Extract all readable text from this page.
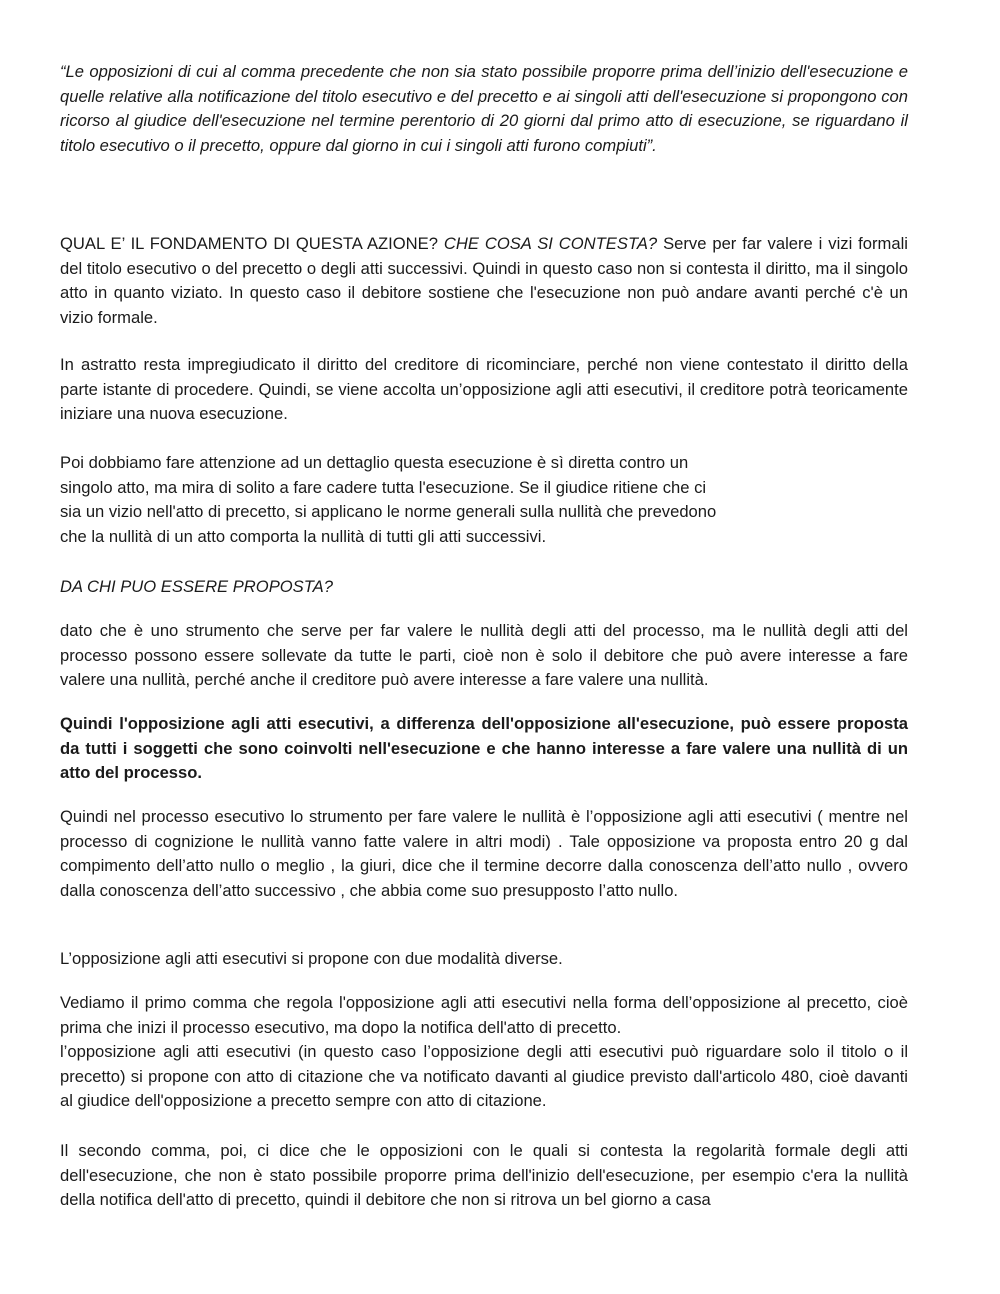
“Le opposizioni di cui al comma precedente che non sia stato possibile proporre prima dell’inizio dell'esecuzione e quelle relative alla notificazione del titolo esecutivo e del precetto e ai singoli atti dell'esecuzione si propongono con ricorso al giudice dell'esecuzione nel termine perentorio di 20 giorni dal primo atto di esecuzione, se riguardano il titolo esecutivo o il precetto, oppure dal giorno in cui i singoli atti furono compiuti”.

QUAL E’ IL FONDAMENTO DI QUESTA AZIONE? CHE COSA SI CONTESTA? Serve per far valere i vizi formali del titolo esecutivo o del precetto o degli atti successivi. Quindi in questo caso non si contesta il diritto, ma il singolo atto in quanto viziato. In questo caso il debitore sostiene che l'esecuzione non può andare avanti perché c'è un vizio formale.

In astratto resta impregiudicato il diritto del creditore di ricominciare, perché non viene contestato il diritto della parte istante di procedere. Quindi, se viene accolta un’opposizione agli atti esecutivi, il creditore potrà teoricamente iniziare una nuova esecuzione.

Poi dobbiamo fare attenzione ad un dettaglio questa esecuzione è sì diretta contro un
singolo atto, ma mira di solito a fare cadere tutta l'esecuzione. Se il giudice ritiene che ci
sia un vizio nell'atto di precetto, si applicano le norme generali sulla nullità che prevedono
che la nullità di un atto comporta la nullità di tutti gli atti successivi.

DA CHI PUO ESSERE PROPOSTA?

dato che è uno strumento che serve per far valere le nullità degli atti del processo, ma le nullità degli atti del processo possono essere sollevate da tutte le parti, cioè non è solo il debitore che può avere interesse a fare valere una nullità, perché anche il creditore può avere interesse a fare valere una nullità.

Quindi l'opposizione agli atti esecutivi, a differenza dell'opposizione all'esecuzione, può essere proposta da tutti i soggetti che sono coinvolti nell'esecuzione e che hanno interesse a fare valere una nullità di un atto del processo.

Quindi nel processo esecutivo lo strumento per fare valere le nullità è l’opposizione agli atti esecutivi ( mentre nel processo di cognizione le nullità vanno fatte valere in altri modi) . Tale opposizione va proposta entro 20 g dal compimento dell’atto nullo o meglio , la giuri, dice che il termine decorre dalla conoscenza dell’atto nullo , ovvero dalla conoscenza dell’atto successivo , che abbia come suo presupposto l’atto nullo.

L’opposizione agli atti esecutivi si propone con due modalità diverse.

Vediamo il primo comma che regola l'opposizione agli atti esecutivi nella forma dell’opposizione al precetto, cioè prima che inizi il processo esecutivo, ma dopo la notifica dell'atto di precetto.

l’opposizione agli atti esecutivi (in questo caso l’opposizione degli atti esecutivi può riguardare solo il titolo o il precetto) si propone con atto di citazione che va notificato davanti al giudice previsto dall'articolo 480, cioè davanti al giudice dell'opposizione a precetto sempre con atto di citazione.

Il secondo comma, poi, ci dice che le opposizioni con le quali si contesta la regolarità formale degli atti dell'esecuzione, che non è stato possibile proporre prima dell'inizio dell'esecuzione, per esempio c'era la nullità della notifica dell'atto di precetto, quindi il debitore che non si ritrova un bel giorno a casa
